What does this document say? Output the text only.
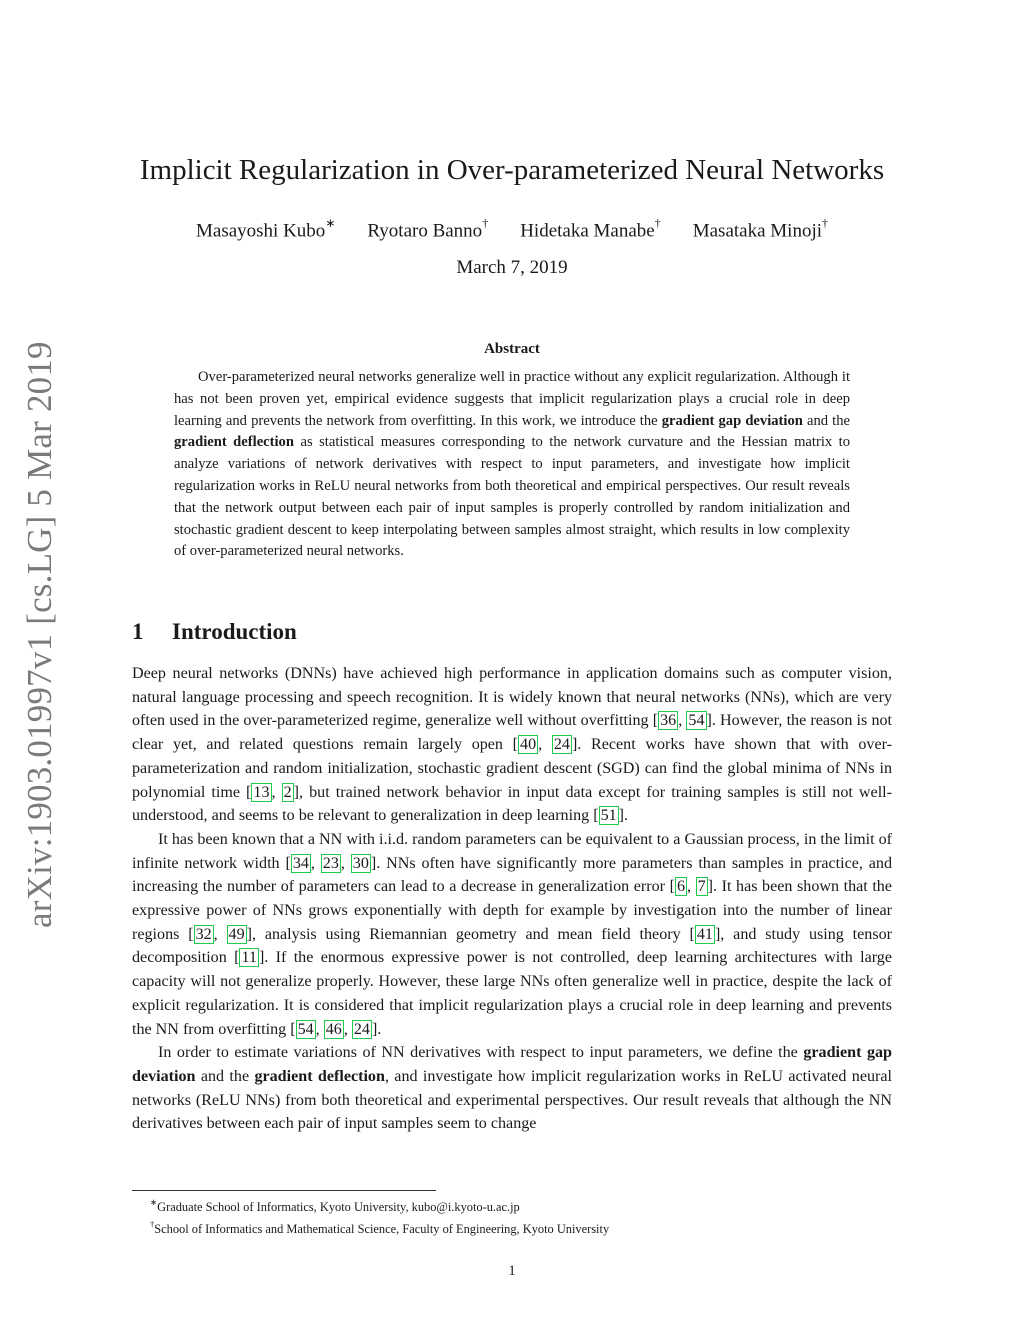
arXiv:1903.01997v1 [cs.LG] 5 Mar 2019
Implicit Regularization in Over-parameterized Neural Networks
Masayoshi Kubo∗ Ryotaro Banno† Hidetaka Manabe† Masataka Minoji†
March 7, 2019
Abstract
Over-parameterized neural networks generalize well in practice without any explicit regularization. Although it has not been proven yet, empirical evidence suggests that implicit regularization plays a crucial role in deep learning and prevents the network from overfitting. In this work, we introduce the gradient gap deviation and the gradient deflection as statistical measures corresponding to the network curvature and the Hessian matrix to analyze variations of network derivatives with respect to input parameters, and investigate how implicit regularization works in ReLU neural networks from both theoretical and empirical perspectives. Our result reveals that the network output between each pair of input samples is properly controlled by random initialization and stochastic gradient descent to keep interpolating between samples almost straight, which results in low complexity of over-parameterized neural networks.
1 Introduction

Deep neural networks (DNNs) have achieved high performance in application domains such as computer vision, natural language processing and speech recognition. It is widely known that neural networks (NNs), which are very often used in the over-parameterized regime, generalize well without overfitting [ 36 , 54 ]. However, the reason is not clear yet, and related questions remain largely open [ 40 , 24 ]. Recent works have shown that with over-parameterization and random initialization, stochastic gradient descent (SGD) can find the global minima of NNs in polynomial time [ 13 , 2 ], but trained network behavior in input data except for training samples is still not well-understood, and seems to be relevant to generalization in deep learning [ 51 ].

It has been known that a NN with i.i.d. random parameters can be equivalent to a Gaussian process, in the limit of infinite network width [ 34 , 23 , 30 ]. NNs often have significantly more parameters than samples in practice, and increasing the number of parameters can lead to a decrease in generalization error [ 6 , 7 ]. It has been shown that the expressive power of NNs grows exponentially with depth for example by investigation into the number of linear regions [ 32 , 49 ], analysis using Riemannian geometry and mean field theory [ 41 ], and study using tensor decomposition [ 11 ]. If the enormous expressive power is not controlled, deep learning architectures with large capacity will not generalize properly. However, these large NNs often generalize well in practice, despite the lack of explicit regularization. It is considered that implicit regularization plays a crucial role in deep learning and prevents the NN from overfitting [ 54 , 46 , 24 ].

In order to estimate variations of NN derivatives with respect to input parameters, we define the gradient gap deviation and the gradient deflection, and investigate how implicit regularization works in ReLU activated neural networks (ReLU NNs) from both theoretical and experimental perspectives. Our result reveals that although the NN derivatives between each pair of input samples seem to change

∗Graduate School of Informatics, Kyoto University, kubo@i.kyoto-u.ac.jp
†School of Informatics and Mathematical Science, Faculty of Engineering, Kyoto University
1
